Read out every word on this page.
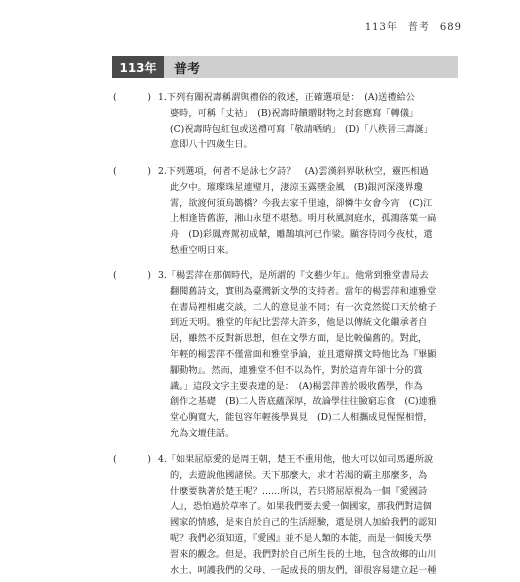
113年 普考 689
113年	普考
(	) 1.下列有關祝壽稱謂與禮俗的敘述，正確選項是：　(A)送禮給公
婆時，可稱「丈祜」　(B)祝壽時饋贈財物之封套應寫「轉儀」
(C)祝壽時包紅包或送禮可寫「敬請哂納」　(D)「八秩晉三壽誕」
意即八十四歲生日。
(	) 2.下列選項，何者不是詠七夕詩？　(A)雲漢斜界耿秋空，靈匹相過
此夕中。璀璨珠星連璧月，淒涼玉露墜金風　(B)銀河深淺界瓊
霄，欲渡何須烏鵲橋？今我去家千里遠，卻憐牛女會今宵　(C)江
上相逢皆舊游，湘山永望不堪愁。明月秋風洞庭水，孤鴻落葉一扁
舟　(D)彩鳳齊駕初成輦，雕鵲填河已作梁。顯容待同今夜杖，還
愁重空明日來。
(	) 3.「楊雲萍在那個時代，是所謂的『文藝少年』。他常到雅堂書局去
翻閱舊詩文，實則為臺灣新文學的支持者。當年的楊雲萍和連雅堂
在書局裡相處交談，二人的意見並不同；有一次竟然從口天於槍子
到近天明。雅堂的年紀比雲萍大許多，他是以傳統文化繼承者自
居，雖然不反對新思想，但在文學方面，是比較偏舊的。對此，
年輕的楊雲萍不僅當面和雅堂爭論，並且還辯撰文時他比為『畢顯
腳動物』。然而，連雅堂不但不以為忤，對於這青年卻十分的賞
識。」這段文字主要表達的是：　(A)楊雲萍善於吸收舊學，作為
創作之基礎　(B)二人皆底蘊深厚，故論學往往臉窮忘食　(C)連雅
堂心胸寬大，能包容年輕後學異見　(D)二人相攜成見惺惺相惜，
允為文壇佳話。
(	) 4.「如果屈原愛的是周王朝，楚王不重用他，他大可以如司馬遷所說
的，去遊說他國諸侯。天下那麼大，求才若渴的霸主那麼多，為
什麼要執著於楚王呢？……所以，若只將屈原視為一個『愛國詩
人』，恐怕過於草率了。如果我們要去愛一個國家，那我們對這個
國家的情感，是來自於自己的生活經驗，還是別人加給我們的認知
呢？我們必須知道，『愛國』並不是人類的本能，而是一個後天學
習來的觀念。但是，我們對於自己所生長的土地，包含故鄉的山川
水土、呵護我們的父母、一起成長的朋友們，卻很容易建立起一種
